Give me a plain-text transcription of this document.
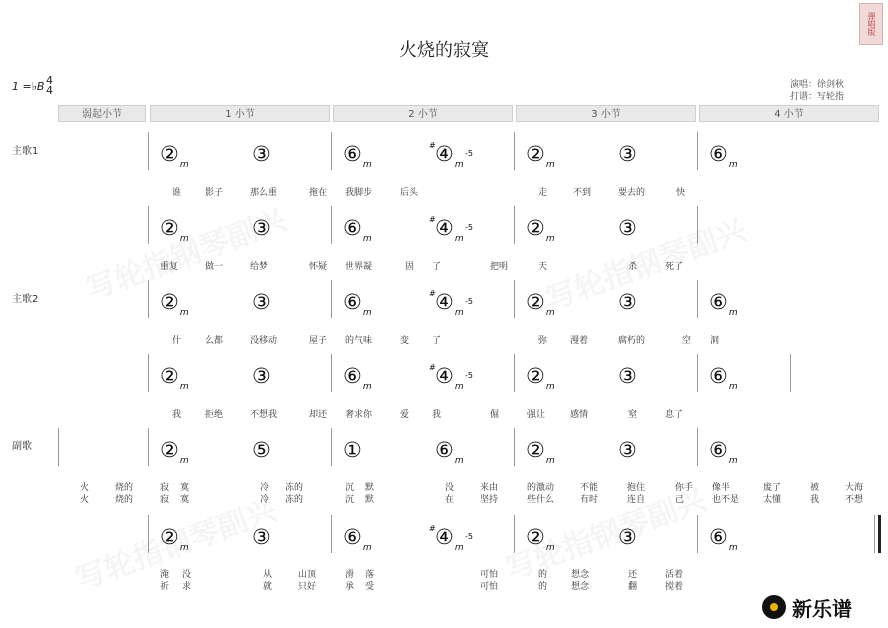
火烧的寂寞
弹唱版
1 =♭B 4
4	演唱：徐剑秋
打谱：写轮指
弱起小节	1 小节	2 小节	3 小节	4 小节
主歌1
主歌2
副歌
$②_m$	③	$⑥_m$	$④_m$
#
-5	$②_m$	③	$⑥_m$
谁	影子	那么重	拖在 我脚步	后头	走	不到	要去的	快
$②_m$	③	$⑥_m$	$④_m$
#
-5	$②_m$	③
重复	做一	给梦	怀疑 世界凝	固 了	把明	天	杀	死了
$②_m$	③	$⑥_m$	$④_m$
#
-5	$②_m$	③	$⑥_m$
什	么都	没移动	屋子 的气味	变	了	弥	漫着	腐朽的	空 洞
$②_m$	③	$⑥_m$	$④_m$
#
-5	$②_m$	③	$⑥_m$
我	拒绝	不想我	却还 奢求你	爱	我	倔	强让	感情	窒	息了
$②_m$	⑤	①	$⑥_m$	$②_m$	③	$⑥_m$
火	烧的	寂 寞	冷 冻的	沉 默	没	来由	的激动	不能	抱住	你手 像半	废了	被	大海
火	烧的	寂 寞	冷 冻的	沉 默	在	坚持	些什么	有时	连自	己	也不是	太懂	我	不想
$②_m$	③	$⑥_m$	$④_m$
#
-5	$②_m$	③	$⑥_m$
淹 没	从	山顶	滑 落	可怕	的	想念	还	活着
祈 求	就	只好	承 受	可怕	的	想念	翻	搅着
新乐谱
